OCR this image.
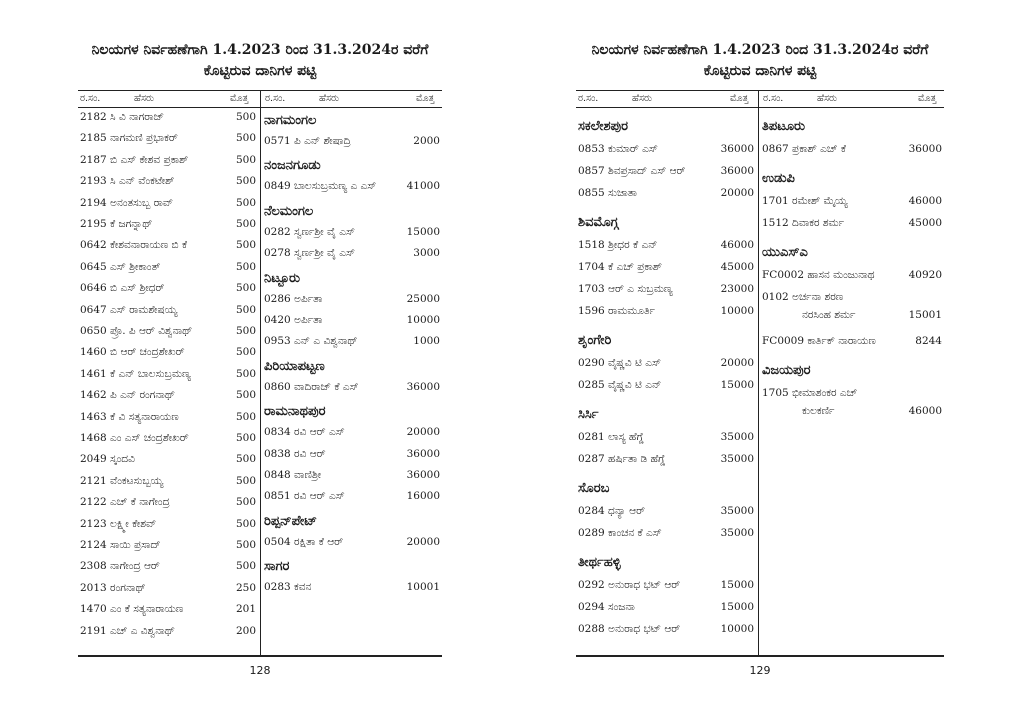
ನಿಲಯಗಳ ನಿರ್ವಹಣೆಗಾಗಿ 1.4.2023 ರಿಂದ 31.3.2024ರ ವರೆಗೆ
ಕೊಟ್ಟಿರುವ ದಾನಿಗಳ ಪಟ್ಟಿ
ರ.ಸಂ.	ಹೆಸರು	ಮೊತ್ತ ರ.ಸಂ.	ಹೆಸರು	ಮೊತ್ತ
2182 ಸಿ ವಿ ನಾಗರಾಜ್	500
2185 ನಾಗಮಣಿ ಪ್ರಭಾಕರ್	500
2187 ಬಿ ಎಸ್ ಕೇಶವ ಪ್ರಕಾಶ್	500
2193 ಸಿ ಎನ್ ವೆಂಕಟೇಶ್	500
2194 ಅನಂತಸುಬ್ಬ ರಾವ್	500
2195 ಕೆ ಜಗನ್ನಾಥ್	500
0642 ಕೇಶವನಾರಾಯಣ ಬಿ ಕೆ	500
0645 ಎಸ್ ಶ್ರೀಕಾಂತ್	500
0646 ಬಿ ಎಸ್ ಶ್ರೀಧರ್	500
0647 ಎಸ್ ರಾಮಶೇಷಯ್ಯ	500
0650 ಪ್ರೊ. ಪಿ ಆರ್ ವಿಶ್ವನಾಥ್	500
1460 ಬಿ ಆರ್ ಚಂದ್ರಶೇಖರ್	500
1461 ಕೆ ಎನ್ ಬಾಲಸುಬ್ರಮಣ್ಯ	500
1462 ಪಿ ಎನ್ ರಂಗನಾಥ್	500
1463 ಕೆ ವಿ ಸತ್ಯನಾರಾಯಣ	500
1468 ಎಂ ಎಸ್ ಚಂದ್ರಶೇಖರ್	500
2049 ಸ್ಕಂದವಿ	500
2121 ವೆಂಕಟಸುಬ್ಬಯ್ಯ	500
2122 ಎಚ್ ಕೆ ನಾಗೇಂದ್ರ	500
2123 ಲಕ್ಷ್ಮೀ ಕೇಶವ್	500
2124 ಸಾಯಿ ಪ್ರಸಾದ್	500
2308 ನಾಗೇಂದ್ರ ಆರ್	500
2013 ರಂಗನಾಥ್	250
1470 ಎಂ ಕೆ ಸತ್ಯನಾರಾಯಣ	201
2191 ಎಚ್ ಎ ವಿಶ್ವನಾಥ್	200
ನಾಗಮಂಗಲ
0571 ಪಿ ಎನ್ ಶೇಷಾದ್ರಿ	2000
ನಂಜನಗೂಡು
0849 ಬಾಲಸುಬ್ರಮಣ್ಯ ಎ ಎಸ್	41000
ನೆಲಮಂಗಲ
0282 ಸ್ವರ್ಣಶ್ರೀ ವೈ ಎಸ್	15000
0278 ಸ್ವರ್ಣಶ್ರೀ ವೈ ಎಸ್	3000
ನಿಟ್ಟೂರು
0286 ಅರ್ಪಿತಾ	25000
0420 ಅರ್ಪಿತಾ	10000
0953 ಎನ್ ಎ ವಿಶ್ವನಾಥ್	1000
ಪಿರಿಯಾಪಟ್ಟಣ
0860 ವಾದಿರಾಜ್ ಕೆ ಎಸ್	36000
ರಾಮನಾಥಪುರ
0834 ರವಿ ಆರ್ ಎಸ್	20000
0838 ರವಿ ಆರ್	36000
0848 ವಾಣಿಶ್ರೀ	36000
0851 ರವಿ ಆರ್ ಎಸ್	16000
ರಿಪ್ಪನ್‌ಪೇಟ್
0504 ರಕ್ಷಿತಾ ಕೆ ಆರ್	20000
ಸಾಗರ
0283 ಕವನ	10001
128
ನಿಲಯಗಳ ನಿರ್ವಹಣೆಗಾಗಿ 1.4.2023 ರಿಂದ 31.3.2024ರ ವರೆಗೆ
ಕೊಟ್ಟಿರುವ ದಾನಿಗಳ ಪಟ್ಟಿ
ರ.ಸಂ.	ಹೆಸರು	ಮೊತ್ತ ರ.ಸಂ.	ಹೆಸರು	ಮೊತ್ತ
ಸಕಲೇಶಪುರ
0853 ಕುಮಾರ್ ಎಸ್	36000
0857 ಶಿವಪ್ರಸಾದ್ ಎಸ್ ಆರ್	36000
0855 ಸುಜಾತಾ	20000
ಶಿವಮೊಗ್ಗ
1518 ಶ್ರೀಧರ ಕೆ ಎನ್	46000
1704 ಕೆ ಎಚ್ ಪ್ರಕಾಶ್	45000
1703 ಆರ್ ಎ ಸುಬ್ರಮಣ್ಯ	23000
1596 ರಾಮಮೂರ್ತಿ	10000
ಶೃಂಗೇರಿ
0290 ವೈಷ್ಣವಿ ಟಿ ಎಸ್	20000
0285 ವೈಷ್ಣವಿ ಟಿ ಎನ್	15000
ಸಿರ್ಸಿ
0281 ಲಾಸ್ಯ ಹೆಗ್ಡೆ	35000
0287 ಹರ್ಷಿತಾ ಡಿ ಹೆಗ್ಡೆ	35000
ಸೊರಬ
0284 ಧನ್ಯಾ ಆರ್	35000
0289 ಕಾಂಚನ ಕೆ ಎಸ್	35000
ತೀರ್ಥಹಳ್ಳಿ
0292 ಅನುರಾಧ ಭಟ್ ಆರ್	15000
0294 ಸಂಜನಾ	15000
0288 ಅನುರಾಧ ಭಟ್ ಆರ್	10000
ತಿಪಟೂರು
0867 ಪ್ರಕಾಶ್ ಎಚ್ ಕೆ	36000
ಉಡುಪಿ
1701 ರಮೇಶ್ ಮೈಯ್ಯ	46000
1512 ದಿವಾಕರ ಶರ್ಮ	45000
ಯುಎಸ್‌ಎ
FC0002 ಹಾಸನ ಮಂಜುನಾಥ	40920
0102 ಅರ್ಚನಾ ಶರಣ
ನರಸಿಂಹ ಶರ್ಮ	15001
FC0009 ಕಾರ್ತಿಕ್ ನಾರಾಯಣ	8244
ವಿಜಯಪುರ
1705 ಭೀಮಾಶಂಕರ ಎಚ್
ಕುಲಕರ್ಣಿ	46000
129
